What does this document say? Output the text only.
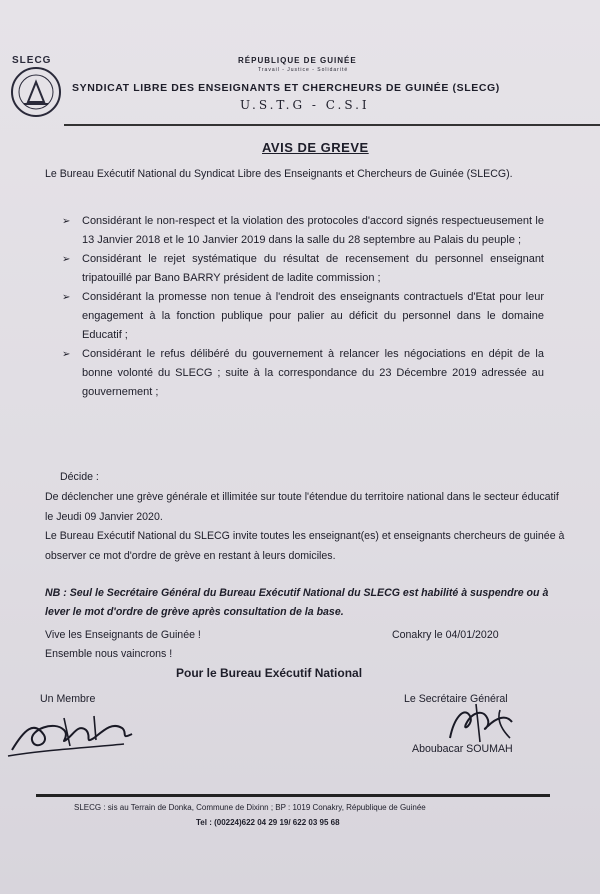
SLECG	RÉPUBLIQUE DE GUINÉE
Travail - Justice - Solidarité
SYNDICAT LIBRE DES ENSEIGNANTS ET CHERCHEURS DE GUINÉE (SLECG)
U.S.T.G - C.S.I
AVIS DE GREVE
Le Bureau Exécutif National du Syndicat Libre des Enseignants et Chercheurs de Guinée (SLECG).
➢ Considérant le non-respect et la violation des protocoles d'accord signés respectueusement le 13 Janvier 2018 et le 10 Janvier 2019 dans la salle du 28 septembre au Palais du peuple ;
➢ Considérant le rejet systématique du résultat de recensement du personnel enseignant tripatouillé par Bano BARRY président de ladite commission ;
➢ Considérant la promesse non tenue à l'endroit des enseignants contractuels d'Etat pour leur engagement à la fonction publique pour palier au déficit du personnel dans le domaine Educatif ;
➢ Considérant le refus délibéré du gouvernement à relancer les négociations en dépit de la bonne volonté du SLECG ; suite à la correspondance du 23 Décembre 2019 adressée au gouvernement ;
Décide :
De déclencher une grève générale et illimitée sur toute l'étendue du territoire national dans le secteur éducatif le Jeudi 09 Janvier 2020.
Le Bureau Exécutif National du SLECG invite toutes les enseignant(es) et enseignants chercheurs de guinée à observer ce mot d'ordre de grève en restant à leurs domiciles.
NB : Seul le Secrétaire Général du Bureau Exécutif National du SLECG est habilité à suspendre ou à lever le mot d'ordre de grève après consultation de la base.
Vive les Enseignants de Guinée !	Conakry le 04/01/2020
Ensemble nous vaincrons !
Pour le Bureau Exécutif National
Un Membre	Le Secrétaire Général
Aboubacar SOUMAH
SLECG : sis au Terrain de Donka, Commune de Dixinn ; BP : 1019 Conakry, République de Guinée
Tel : (00224)622 04 29 19/ 622 03 95 68
